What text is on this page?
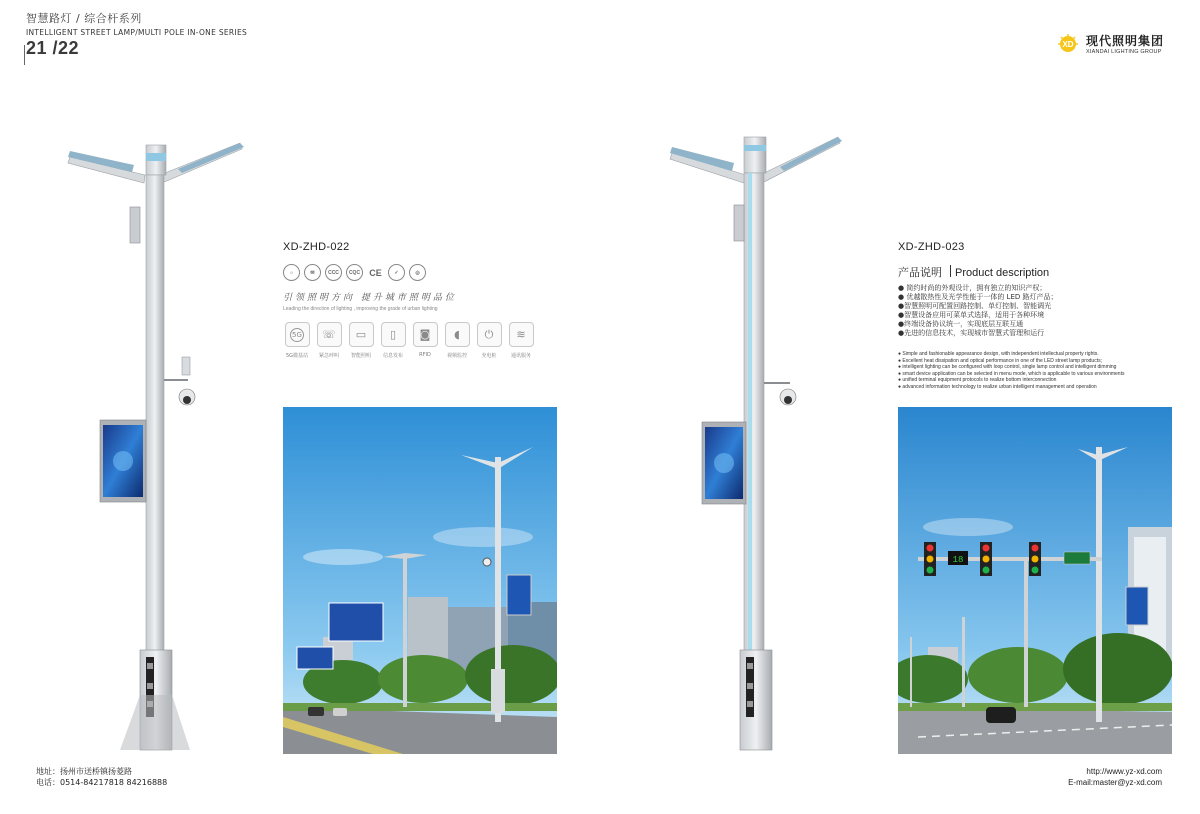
智慧路灯 / 综合杆系列
INTELLIGENT STREET LAMP/MULTI POLE IN-ONE SERIES
21 /22	XD 现代照明集团
XIANDAI LIGHTING GROUP
XD-ZHD-022
☼	✉	CCC	CQC	CE	✓	◎
引领照明方向 提升城市照明品位
Leading the direction of lighting , improving the grade of urban lighting
5G
5G微基站
☏
紧急呼叫
▭
智能照明
▯
信息发布
◙
RFID
◖
视频监控
⏻
充电桩
≋
通讯服务
XD-ZHD-023
产品说明 Product description
● 简约时尚的外观设计，拥有独立的知识产权；
● 优越散热性及光学性能于一体的 LED 路灯产品；
●智慧照明可配置回路控制、单灯控制、智能调光
●智慧设备应用可菜单式选择，适用于各种环境
●终端设备协议统一，实现底层互联互通
●先进的信息技术，实现城市智慧式管理和运行
● Simple and fashionable appearance design, with independent intellectual property rights.
● Excellent heat dissipation and optical performance in one of the LED street lamp products;
● intelligent lighting can be configured with loop control, single lamp control and intelligent dimming
● smart device application can be selected in menu mode, which is applicable to various environments
● unified terminal equipment protocols to realize bottom interconnection
● advanced information technology to realize urban intelligent management and operation
18
地址：扬州市送桥镇扬菱路
电话：0514-84217818 84216888
http://www.yz-xd.com
E-mail:master@yz-xd.com
